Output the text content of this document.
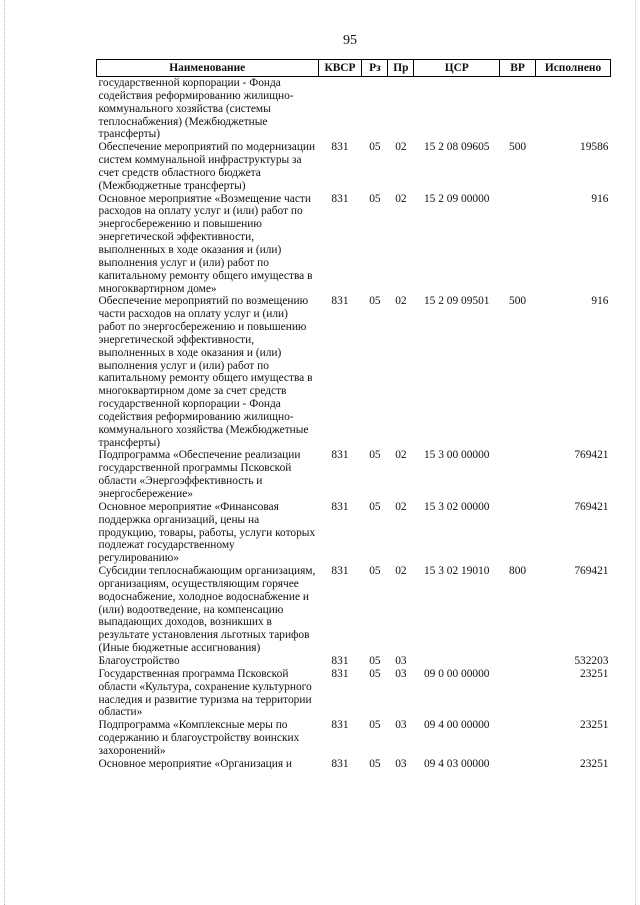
95
Наименование	КВСР	Рз	Пр	ЦСР	ВР	Исполнено
государственной корпорации - Фонда содействия реформированию жилищно-коммунального хозяйства (системы теплоснабжения) (Межбюджетные трансферты)						
Обеспечение мероприятий по модернизации систем коммунальной инфраструктуры за счет средств областного бюджета (Межбюджетные трансферты)	831	05	02	15 2 08 09605	500	19586
Основное мероприятие «Возмещение части расходов на оплату услуг и (или) работ по энергосбережению и повышению энергетической эффективности, выполненных в ходе оказания и (или) выполнения услуг и (или) работ по капитальному ремонту общего имущества в многоквартирном доме»	831	05	02	15 2 09 00000		916
Обеспечение мероприятий по возмещению части расходов на оплату услуг и (или) работ по энергосбережению и повышению энергетической эффективности, выполненных в ходе оказания и (или) выполнения услуг и (или) работ по капитальному ремонту общего имущества в многоквартирном доме за счет средств государственной корпорации - Фонда содействия реформированию жилищно-коммунального хозяйства (Межбюджетные трансферты)	831	05	02	15 2 09 09501	500	916
Подпрограмма «Обеспечение реализации государственной программы Псковской области «Энергоэффективность и энергосбережение»	831	05	02	15 3 00 00000		769421
Основное мероприятие «Финансовая поддержка организаций, цены на продукцию, товары, работы, услуги которых подлежат государственному регулированию»	831	05	02	15 3 02 00000		769421
Субсидии теплоснабжающим организациям, организациям, осуществляющим горячее водоснабжение, холодное водоснабжение и (или) водоотведение, на компенсацию выпадающих доходов, возникших в результате установления льготных тарифов (Иные бюджетные ассигнования)	831	05	02	15 3 02 19010	800	769421
Благоустройство	831	05	03			532203
Государственная программа Псковской области «Культура, сохранение культурного наследия и развитие туризма на территории области»	831	05	03	09 0 00 00000		23251
Подпрограмма «Комплексные меры по содержанию и благоустройству воинских захоронений»	831	05	03	09 4 00 00000		23251
Основное мероприятие «Организация и	831	05	03	09 4 03 00000		23251
